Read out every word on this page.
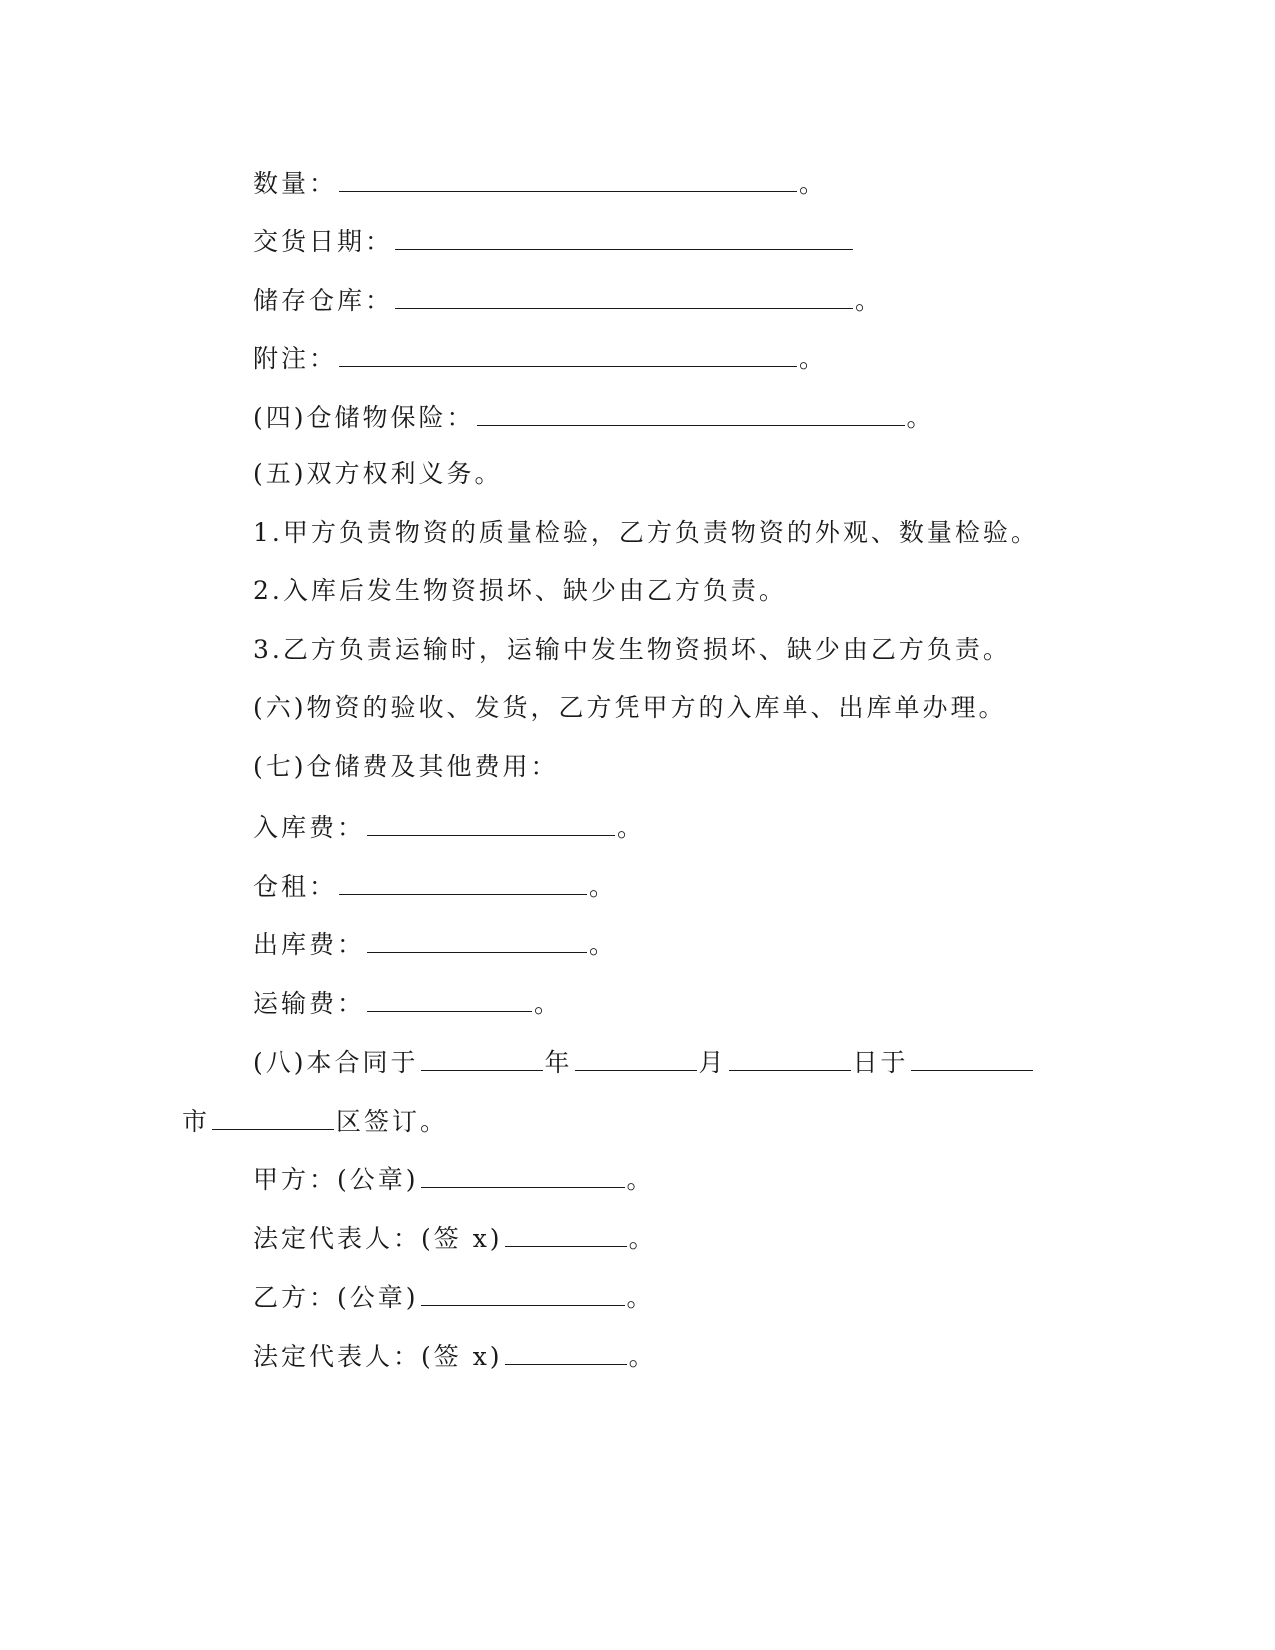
数量：	。
交货日期：
储存仓库：	。
附注：	。
(四)仓储物保险：	。
(五)双方权利义务。
1.甲方负责物资的质量检验，乙方负责物资的外观、数量检验。
2.入库后发生物资损坏、缺少由乙方负责。
3.乙方负责运输时，运输中发生物资损坏、缺少由乙方负责。
(六)物资的验收、发货，乙方凭甲方的入库单、出库单办理。
(七)仓储费及其他费用：
入库费：	。
仓租：	。
出库费：	。
运输费：	。
(八)本合同于	年	月	日于
市	区签订。
甲方：(公章)	。
法定代表人：(签 x)	。
乙方：(公章)	。
法定代表人：(签 x)	。
